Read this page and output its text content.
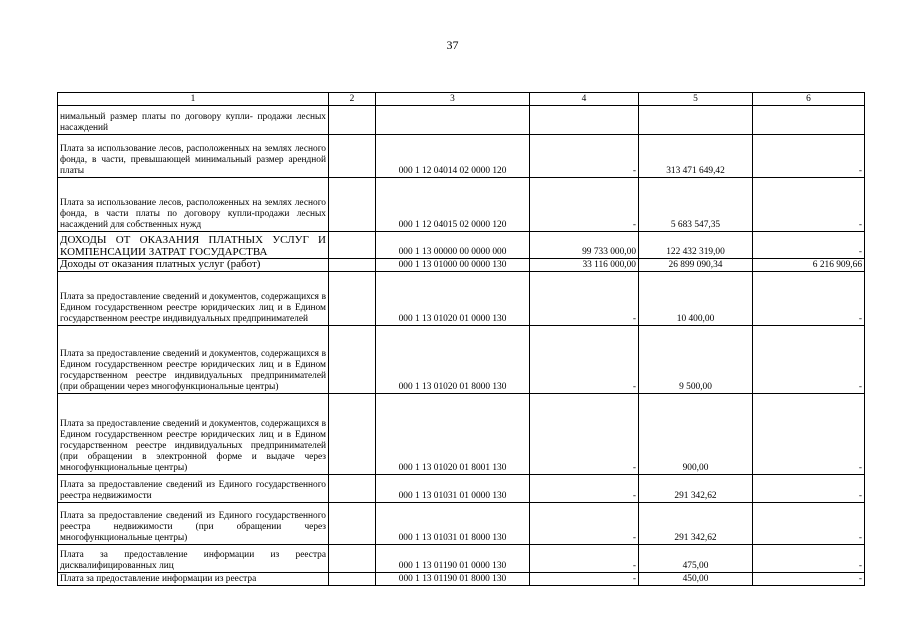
37
1	2	3	4	5	6
нимальный размер платы по договору купли- продажи лесных насаждений					
Плата за использование лесов, расположенных на землях лесного фонда, в части, превышающей минимальный размер арендной платы		000 1 12 04014 02 0000 120	-	313 471 649,42	-
Плата за использование лесов, расположенных на землях лесного фонда, в части платы по договору купли-продажи лесных насаждений для собственных нужд		000 1 12 04015 02 0000 120	-	5 683 547,35	-
ДОХОДЫ ОТ ОКАЗАНИЯ ПЛАТНЫХ УСЛУГ И КОМПЕНСАЦИИ ЗАТРАТ ГОСУДАРСТВА		000 1 13 00000 00 0000 000	99 733 000,00	122 432 319,00	-
Доходы от оказания платных услуг (работ)		000 1 13 01000 00 0000 130	33 116 000,00	26 899 090,34	6 216 909,66
Плата за предоставление сведений и документов, содержащихся в Едином государственном реестре юридических лиц и в Едином государственном реестре индивидуальных предпринимателей		000 1 13 01020 01 0000 130	-	10 400,00	-
Плата за предоставление сведений и документов, содержащихся в Едином государственном реестре юридических лиц и в Едином государственном реестре индивидуальных предпринимателей (при обращении через многофункциональные центры)		000 1 13 01020 01 8000 130	-	9 500,00	-
Плата за предоставление сведений и документов, содержащихся в Едином государственном реестре юридических лиц и в Едином государственном реестре индивидуальных предпринимателей (при обращении в электронной форме и выдаче через многофункциональные центры)		000 1 13 01020 01 8001 130	-	900,00	-
Плата за предоставление сведений из Единого государственного реестра недвижимости		000 1 13 01031 01 0000 130	-	291 342,62	-
Плата за предоставление сведений из Единого государственного реестра недвижимости (при обращении через многофункциональные центры)		000 1 13 01031 01 8000 130	-	291 342,62	-
Плата за предоставление информации из реестра дисквалифицированных лиц		000 1 13 01190 01 0000 130	-	475,00	-
Плата за предоставление информации из реестра		000 1 13 01190 01 8000 130	-	450,00	-
